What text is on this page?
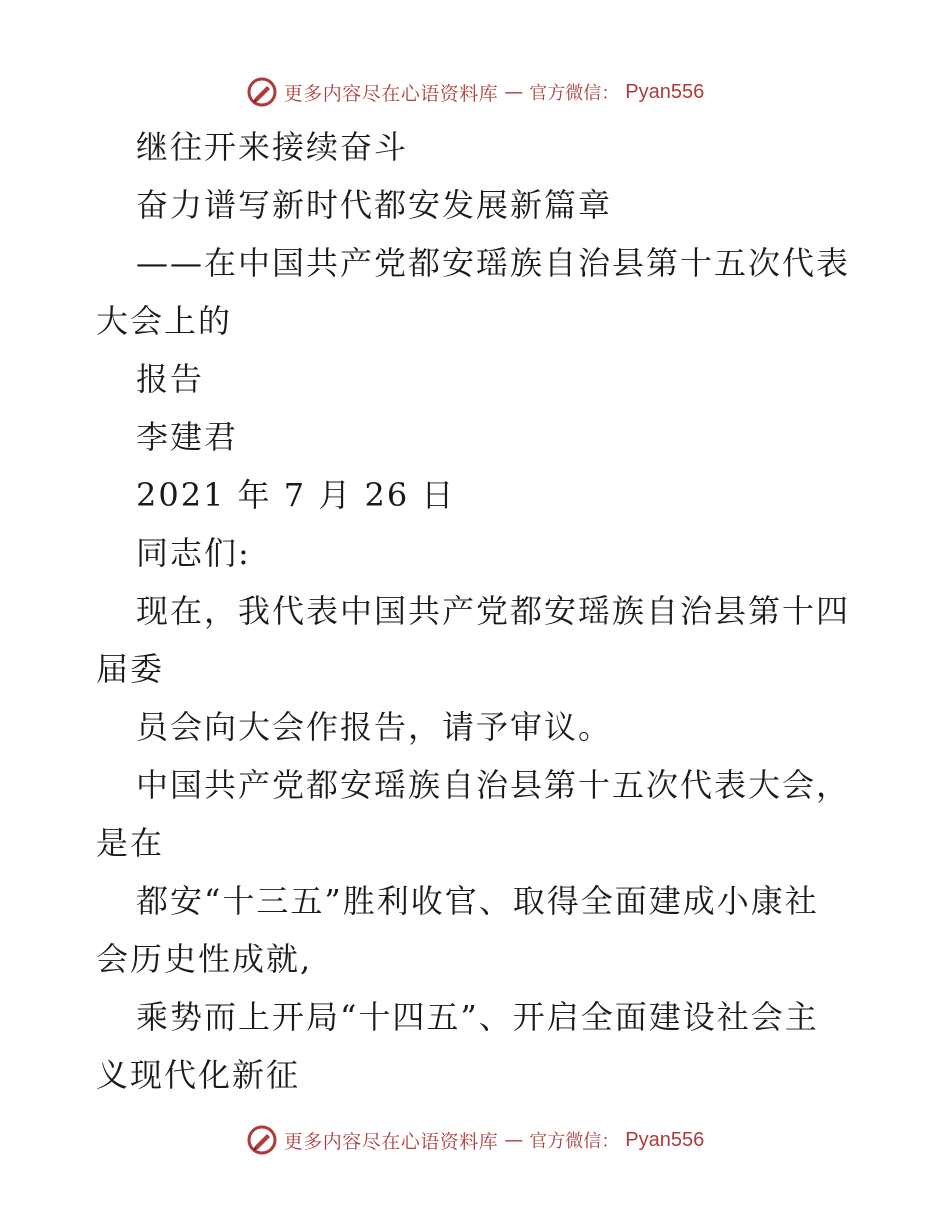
更多内容尽在心语资料库 — 官方微信： Pyan556
继往开来接续奋斗
奋力谱写新时代都安发展新篇章
——在中国共产党都安瑶族自治县第十五次代表
大会上的
报告
李建君
2021 年 7 月 26 日
同志们:
现在，我代表中国共产党都安瑶族自治县第十四
届委
员会向大会作报告，请予审议。
中国共产党都安瑶族自治县第十五次代表大会，
是在
都安“十三五”胜利收官、取得全面建成小康社
会历史性成就,
乘势而上开局“十四五”、开启全面建设社会主
义现代化新征
更多内容尽在心语资料库 — 官方微信： Pyan556
